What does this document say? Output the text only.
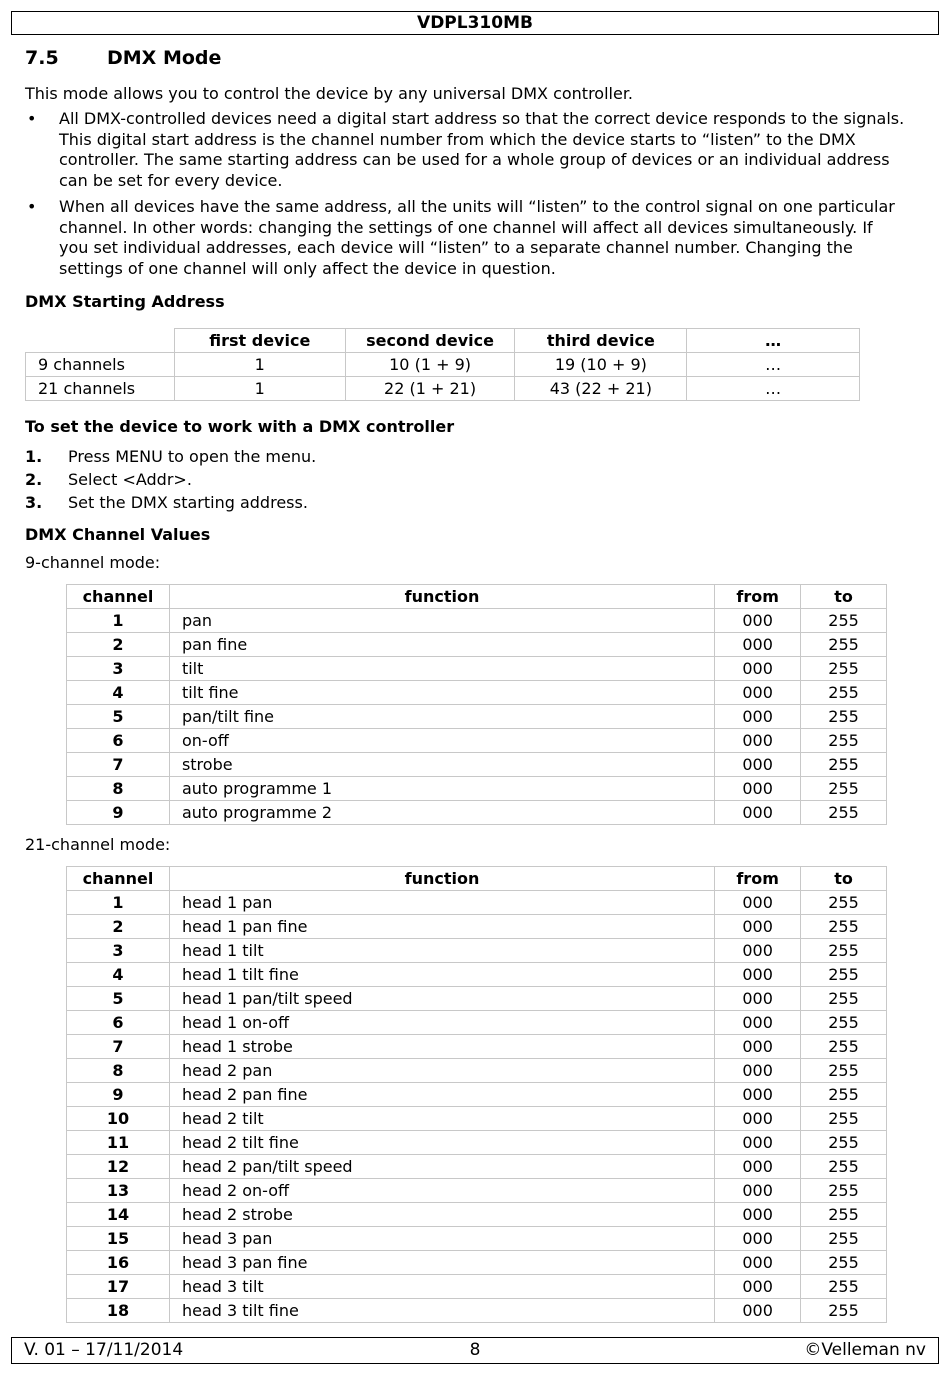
VDPL310MB
7.5	DMX Mode
This mode allows you to control the device by any universal DMX controller.
• All DMX-controlled devices need a digital start address so that the correct device responds to the signals. This digital start address is the channel number from which the device starts to “listen” to the DMX controller. The same starting address can be used for a whole group of devices or an individual address can be set for every device.
• When all devices have the same address, all the units will “listen” to the control signal on one particular channel. In other words: changing the settings of one channel will affect all devices simultaneously. If you set individual addresses, each device will “listen” to a separate channel number. Changing the settings of one channel will only affect the device in question.
DMX Starting Address
	first device	second device	third device	…
9 channels	1	10 (1 + 9)	19 (10 + 9)	…
21 channels	1	22 (1 + 21)	43 (22 + 21)	…
To set the device to work with a DMX controller
1. Press MENU to open the menu.
2. Select <Addr>.
3. Set the DMX starting address.
DMX Channel Values
9-channel mode:
channel	function	from	to
1	pan	000	255
2	pan fine	000	255
3	tilt	000	255
4	tilt fine	000	255
5	pan/tilt fine	000	255
6	on-off	000	255
7	strobe	000	255
8	auto programme 1	000	255
9	auto programme 2	000	255
21-channel mode:
channel	function	from	to
1	head 1 pan	000	255
2	head 1 pan fine	000	255
3	head 1 tilt	000	255
4	head 1 tilt fine	000	255
5	head 1 pan/tilt speed	000	255
6	head 1 on-off	000	255
7	head 1 strobe	000	255
8	head 2 pan	000	255
9	head 2 pan fine	000	255
10	head 2 tilt	000	255
11	head 2 tilt fine	000	255
12	head 2 pan/tilt speed	000	255
13	head 2 on-off	000	255
14	head 2 strobe	000	255
15	head 3 pan	000	255
16	head 3 pan fine	000	255
17	head 3 tilt	000	255
18	head 3 tilt fine	000	255
V. 01 – 17/11/2014	8	©Velleman nv
